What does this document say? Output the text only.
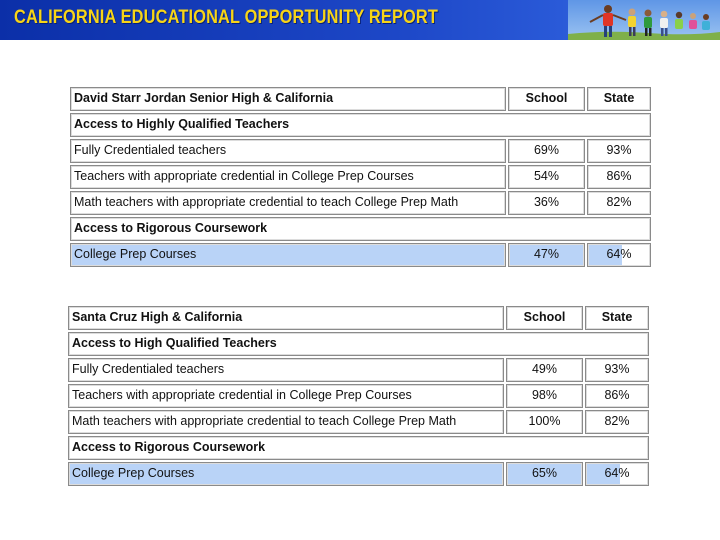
CALIFORNIA EDUCATIONAL OPPORTUNITY REPORT
David Starr Jordan Senior High & California	School	State
Access to Highly Qualified Teachers
Fully Credentialed teachers	69%	93%
Teachers with appropriate credential in College Prep Courses	54%	86%
Math teachers with appropriate credential to teach College Prep Math	36%	82%
Access to Rigorous Coursework
College Prep Courses	47%	64%
Santa Cruz High & California	School	State
Access to High Qualified Teachers
Fully Credentialed teachers	49%	93%
Teachers with appropriate credential in College Prep Courses	98%	86%
Math teachers with appropriate credential to teach College Prep Math	100%	82%
Access to Rigorous Coursework
College Prep Courses	65%	64%
